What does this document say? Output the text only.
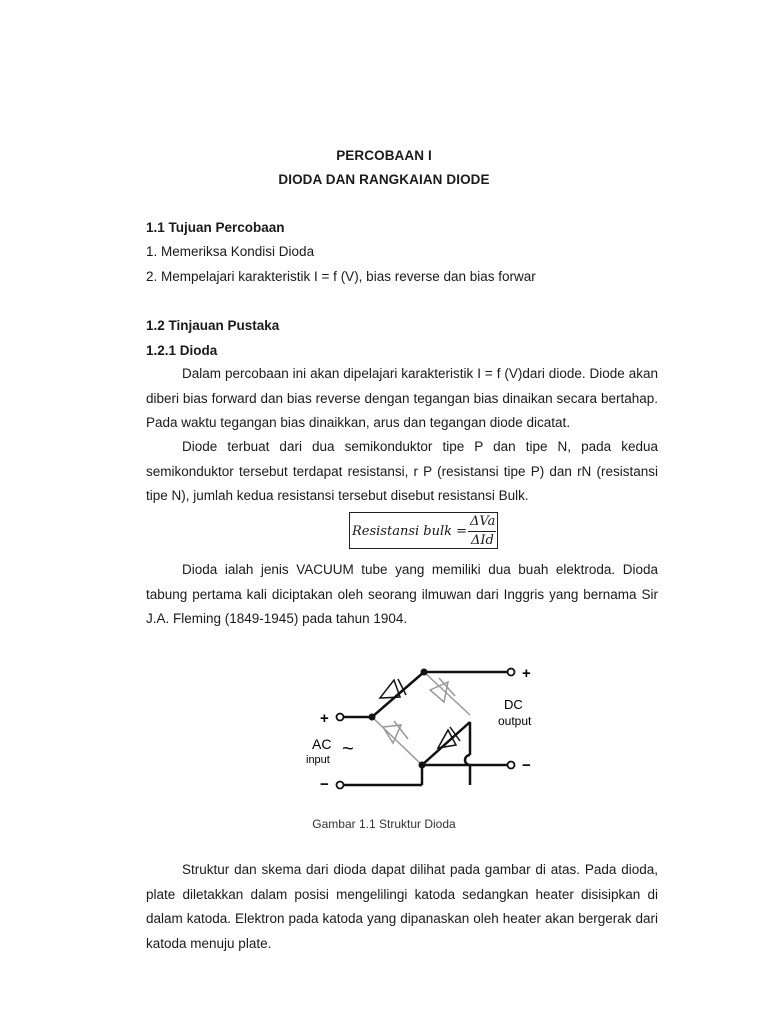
PERCOBAAN I
DIODA DAN RANGKAIAN DIODE
1.1 Tujuan Percobaan
1. Memeriksa Kondisi Dioda
2. Mempelajari karakteristik I = f (V), bias reverse dan bias forwar
1.2 Tinjauan Pustaka
1.2.1 Dioda
Dalam percobaan ini akan dipelajari karakteristik I = f (V)dari diode. Diode akan diberi bias forward dan bias reverse dengan tegangan bias dinaikan secara bertahap. Pada waktu tegangan bias dinaikkan, arus dan tegangan diode dicatat.
Diode terbuat dari dua semikonduktor tipe P dan tipe N, pada kedua semikonduktor tersebut terdapat resistansi, r P (resistansi tipe P) dan rN (resistansi tipe N), jumlah kedua resistansi tersebut disebut resistansi Bulk.
Resistansi bulk =
ΔVa
ΔId
Dioda ialah jenis VACUUM tube yang memiliki dua buah elektroda. Dioda tabung pertama kali diciptakan oleh seorang ilmuwan dari Inggris yang bernama Sir J.A. Fleming (1849-1945) pada tahun 1904.
+
−
AC
input ~
+
−
DC
output
Gambar 1.1 Struktur Dioda
Struktur dan skema dari dioda dapat dilihat pada gambar di atas. Pada dioda, plate diletakkan dalam posisi mengelilingi katoda sedangkan heater disisipkan di dalam katoda. Elektron pada katoda yang dipanaskan oleh heater akan bergerak dari katoda menuju plate.
